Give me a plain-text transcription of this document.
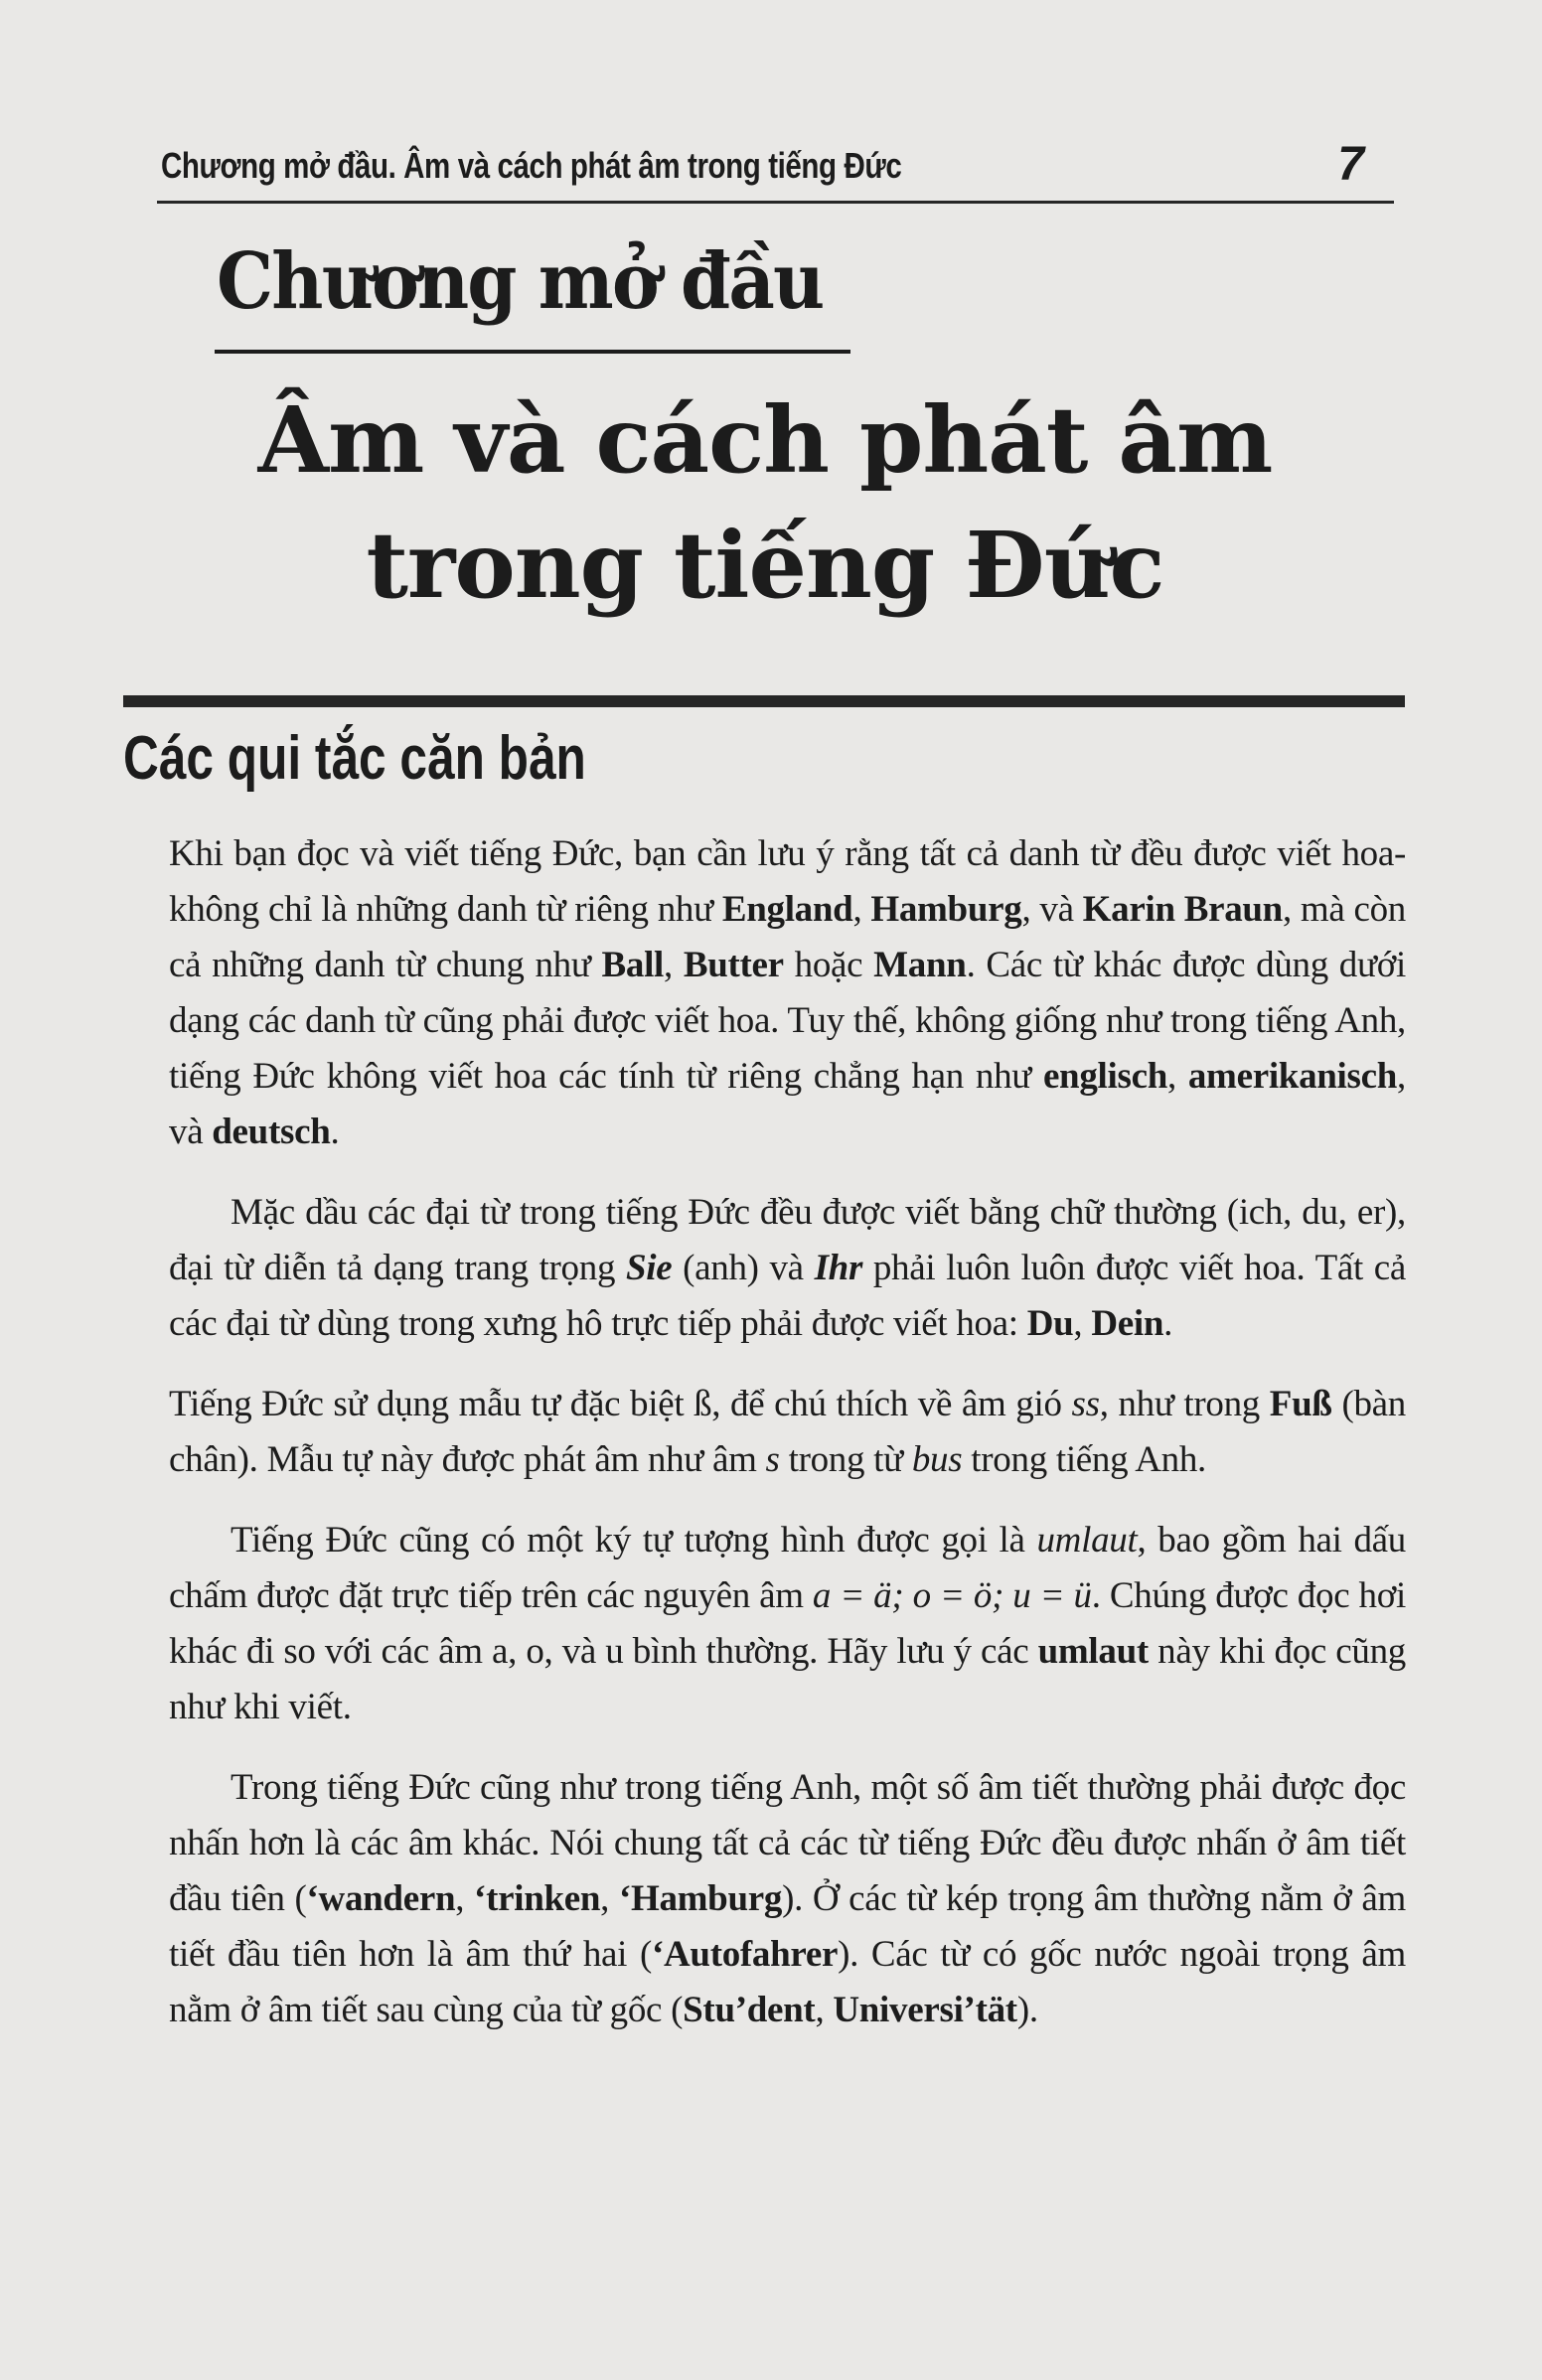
Chương mở đầu. Âm và cách phát âm trong tiếng Đức	7
Chương mở đầu
Âm và cách phát âm
trong tiếng Đức
Các qui tắc căn bản

Khi bạn đọc và viết tiếng Đức, bạn cần lưu ý rằng tất cả danh từ đều được viết hoa-không chỉ là những danh từ riêng như England, Hamburg, và Karin Braun, mà còn cả những danh từ chung như Ball, Butter hoặc Mann. Các từ khác được dùng dưới dạng các danh từ cũng phải được viết hoa. Tuy thế, không giống như trong tiếng Anh, tiếng Đức không viết hoa các tính từ riêng chẳng hạn như englisch, amerikanisch, và deutsch.

Mặc dầu các đại từ trong tiếng Đức đều được viết bằng chữ thường (ich, du, er), đại từ diễn tả dạng trang trọng Sie (anh) và Ihr phải luôn luôn được viết hoa. Tất cả các đại từ dùng trong xưng hô trực tiếp phải được viết hoa: Du, Dein.

Tiếng Đức sử dụng mẫu tự đặc biệt ß, để chú thích về âm gió ss, như trong Fuß (bàn chân). Mẫu tự này được phát âm như âm s trong từ bus trong tiếng Anh.

Tiếng Đức cũng có một ký tự tượng hình được gọi là umlaut, bao gồm hai dấu chấm được đặt trực tiếp trên các nguyên âm a = ä; o = ö; u = ü. Chúng được đọc hơi khác đi so với các âm a, o, và u bình thường. Hãy lưu ý các umlaut này khi đọc cũng như khi viết.

Trong tiếng Đức cũng như trong tiếng Anh, một số âm tiết thường phải được đọc nhấn hơn là các âm khác. Nói chung tất cả các từ tiếng Đức đều được nhấn ở âm tiết đầu tiên (‘wandern, ‘trinken, ‘Hamburg). Ở các từ kép trọng âm thường nằm ở âm tiết đầu tiên hơn là âm thứ hai (‘Autofahrer). Các từ có gốc nước ngoài trọng âm nằm ở âm tiết sau cùng của từ gốc (Stu’dent, Universi’tät).
